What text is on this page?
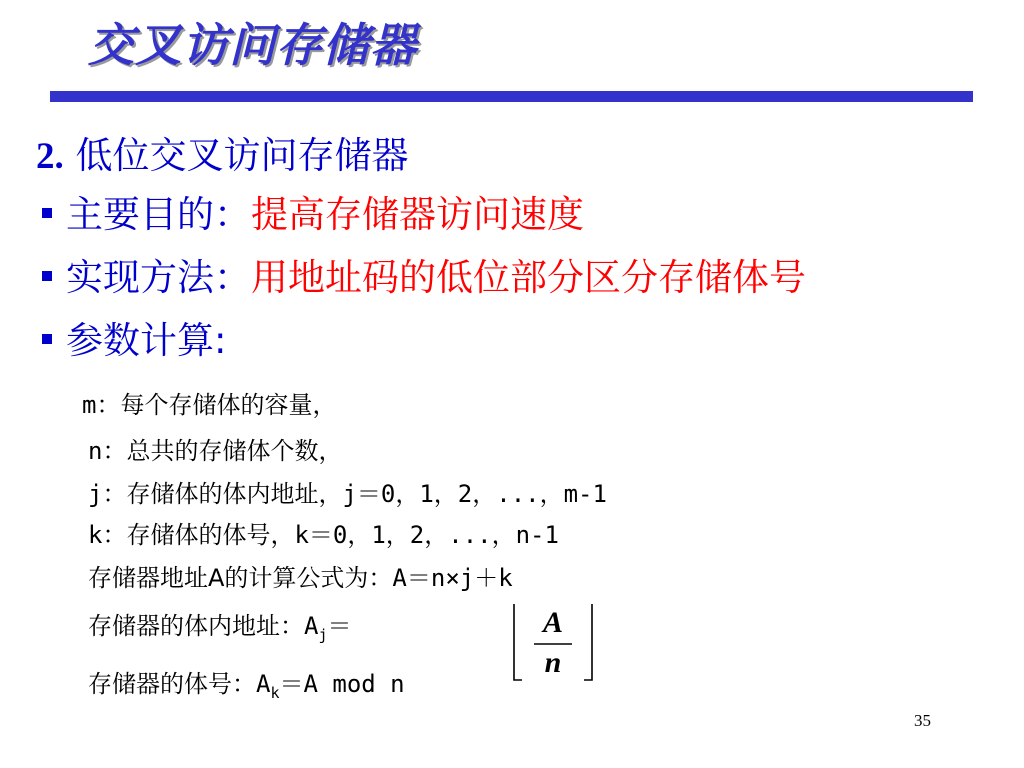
交叉访问存储器
2. 低位交叉访问存储器
主要目的：提高存储器访问速度
实现方法：用地址码的低位部分区分存储体号
参数计算:
m：每个存储体的容量，
n：总共的存储体个数，
j：存储体的体内地址，j＝0，1，2，...，m-1
k：存储体的体号，k＝0，1，2，...，n-1
存储器地址A的计算公式为：A＝n×j＋k
存储器的体内地址：$A_j=$	A
n
存储器的体号：$A_k=A$ mod n
35
